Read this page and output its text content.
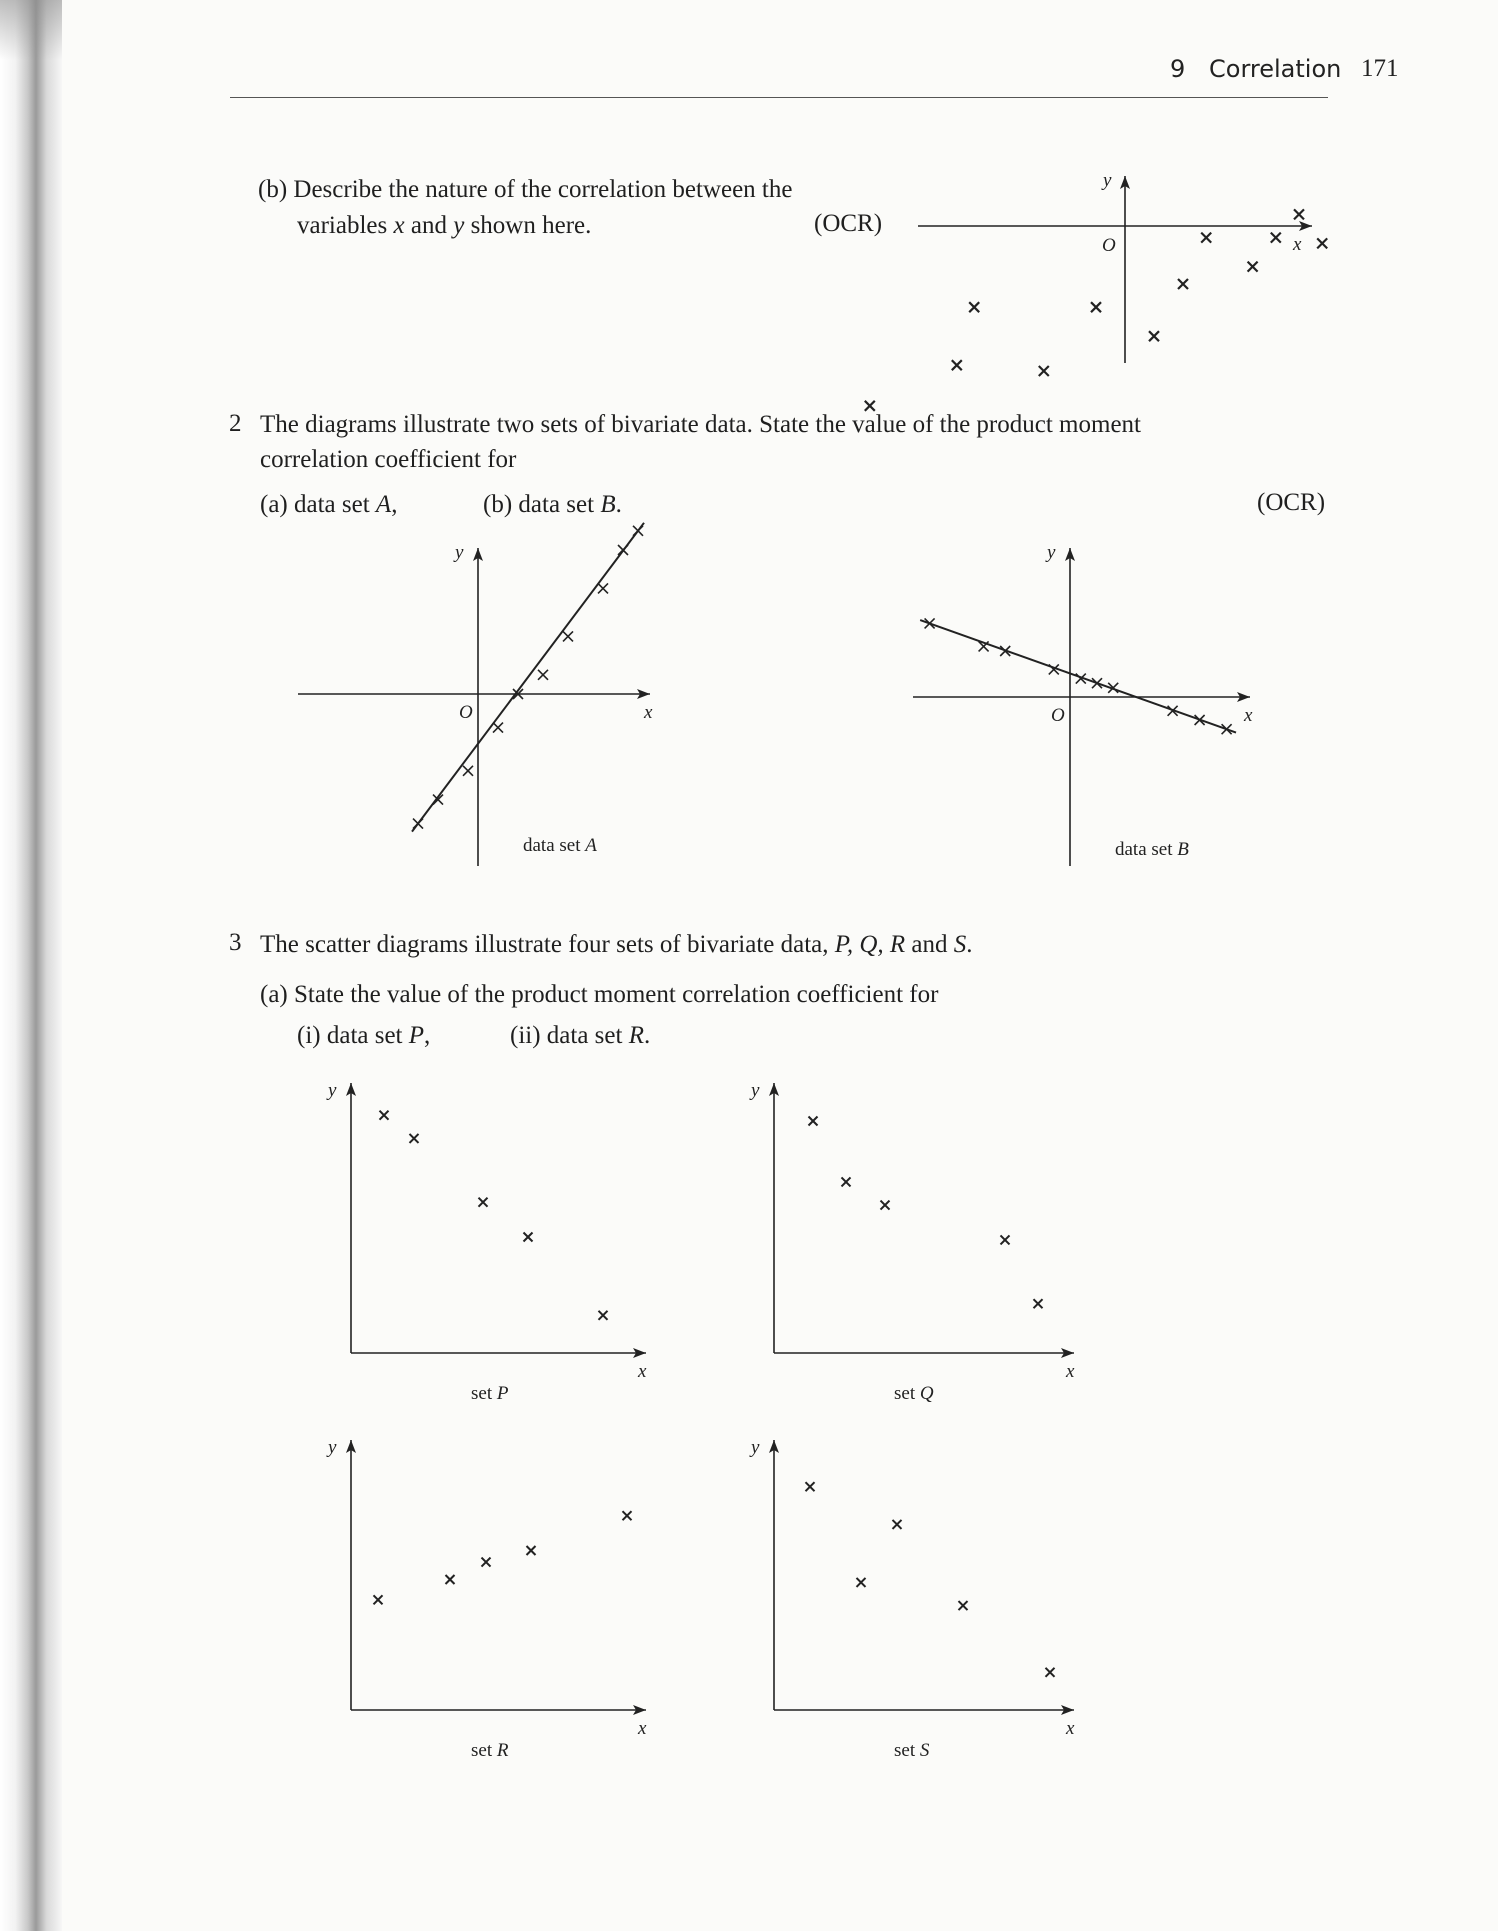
9 Correlation 171
(b) Describe the nature of the correlation between the
variables x and y shown here.	(OCR)
x
y
O
x
y
O
data set A
x
y
O
data set B
x
y
set P
x
y
set Q
x
y
set R
x
y
set S
2 The diagrams illustrate two sets of bivariate data. State the value of the product moment
correlation coefficient for
(a) data set A,	(b) data set B.	(OCR)
3 The scatter diagrams illustrate four sets of bivariate data, P, Q, R and S.
(a) State the value of the product moment correlation coefficient for
(i) data set P,	(ii) data set R.
